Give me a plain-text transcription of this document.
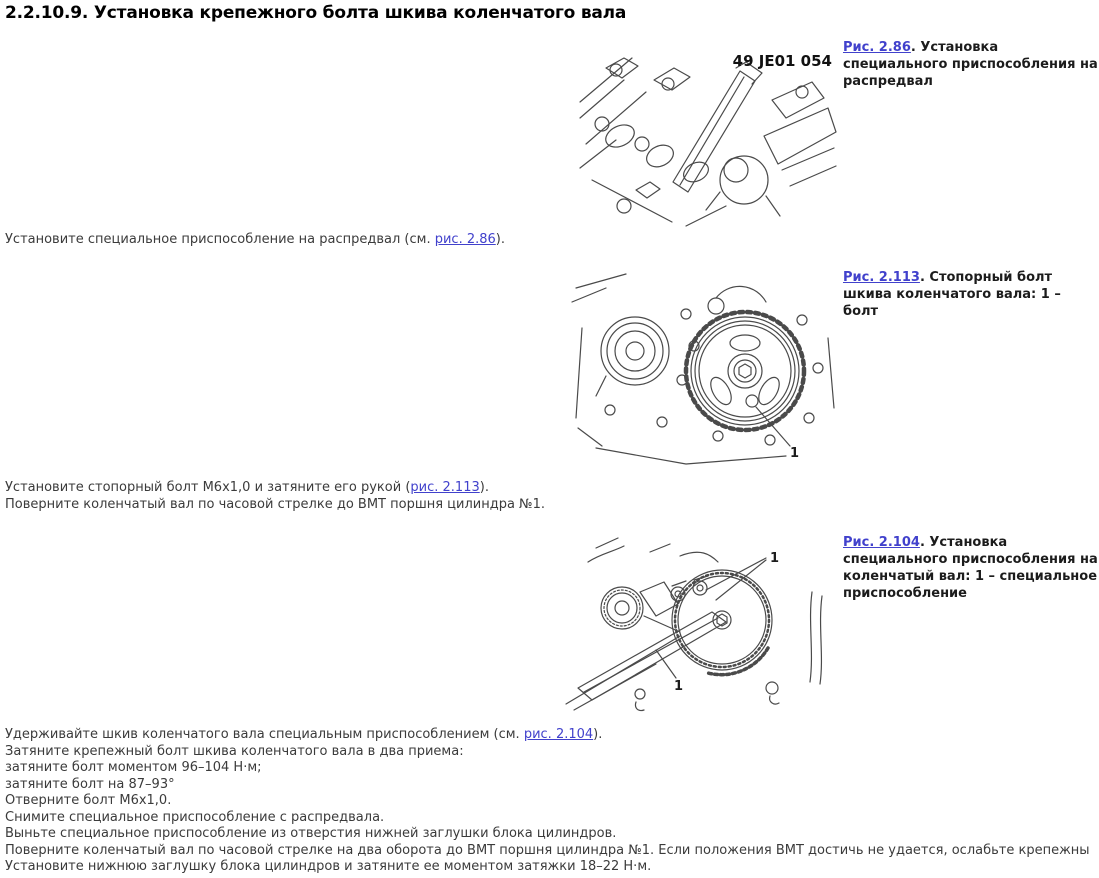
2.2.10.9. Установка крепежного болта шкива коленчатого вала
49 JE01 054
Рис. 2.86. Установка специального приспособления на распредвал
Установите специальное приспособление на распредвал (см. рис. 2.86).
1
Рис. 2.113. Стопорный болт шкива коленчатого вала: 1 – болт
Установите стопорный болт М6х1,0 и затяните его рукой (рис. 2.113).
Поверните коленчатый вал по часовой стрелке до ВМТ поршня цилиндра №1.
1
1
Рис. 2.104. Установка специального приспособления на коленчатый вал: 1 – специальное приспособление
Удерживайте шкив коленчатого вала специальным приспособлением (см. рис. 2.104).
Затяните крепежный болт шкива коленчатого вала в два приема:
затяните болт моментом 96–104 Н·м;
затяните болт на 87–93°
Отверните болт М6х1,0.
Снимите специальное приспособление с распредвала.
Выньте специальное приспособление из отверстия нижней заглушки блока цилиндров.
Поверните коленчатый вал по часовой стрелке на два оборота до ВМТ поршня цилиндра №1. Если положения ВМТ достичь не удается, ослабьте крепежны
Установите нижнюю заглушку блока цилиндров и затяните ее моментом затяжки 18–22 Н·м.
